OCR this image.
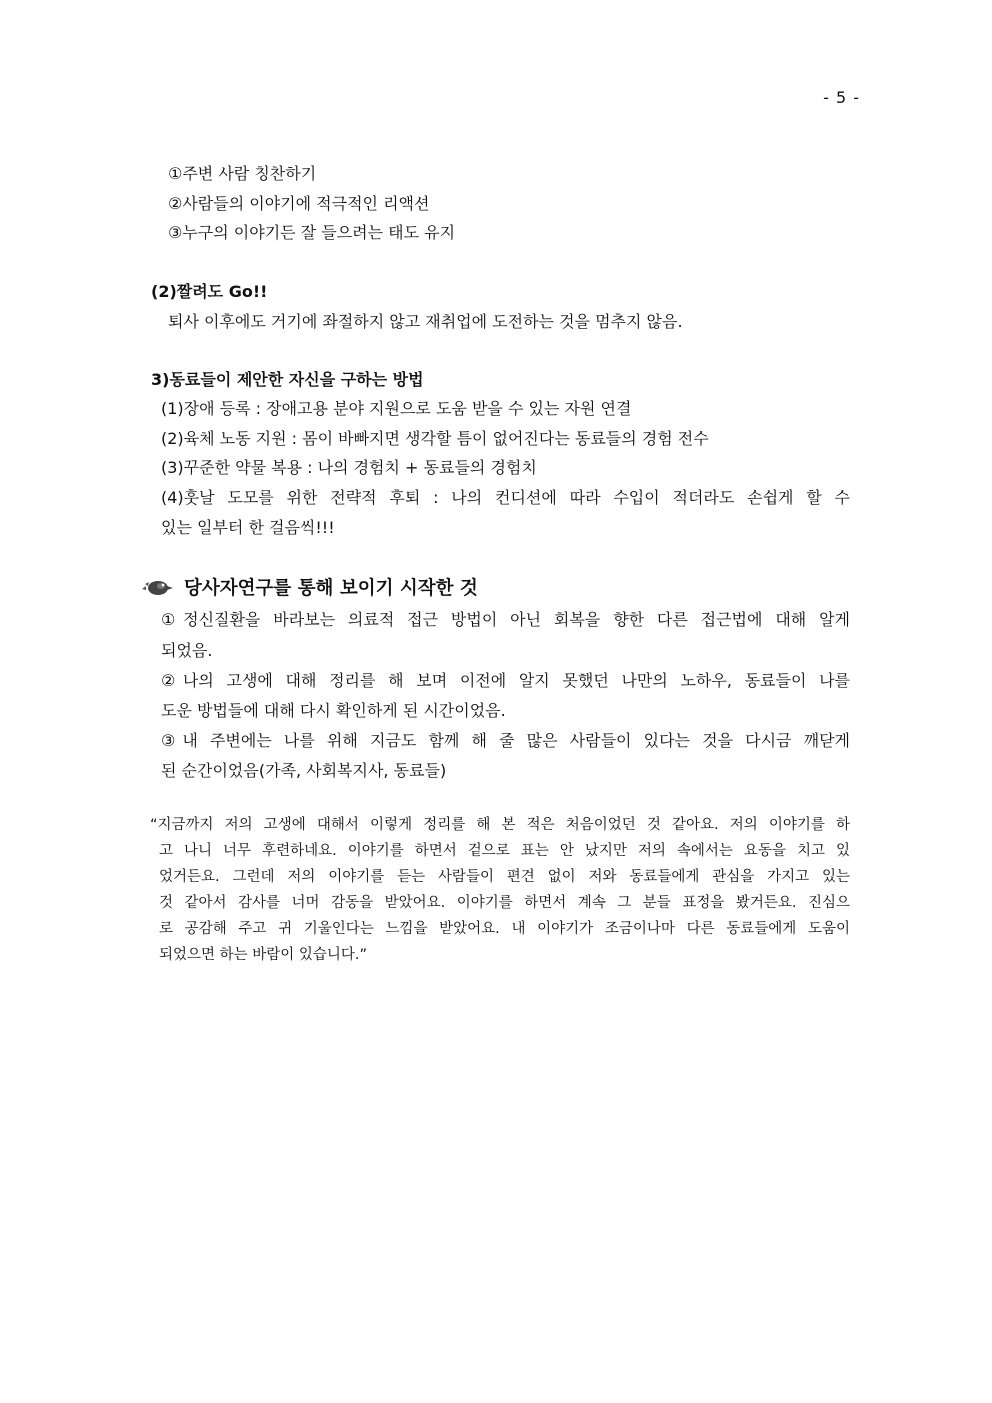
- 5 -
①주변 사람 칭찬하기
②사람들의 이야기에 적극적인 리액션
③누구의 이야기든 잘 들으려는 태도 유지
(2)짤려도 Go!!
퇴사 이후에도 거기에 좌절하지 않고 재취업에 도전하는 것을 멈추지 않음.
3)동료들이 제안한 자신을 구하는 방법
(1)장애 등록 : 장애고용 분야 지원으로 도움 받을 수 있는 자원 연결
(2)육체 노동 지원 : 몸이 바빠지면 생각할 틈이 없어진다는 동료들의 경험 전수
(3)꾸준한 약물 복용 : 나의 경험치 + 동료들의 경험치
(4)훗날 도모를 위한 전략적 후퇴 : 나의 컨디션에 따라 수입이 적더라도 손쉽게 할 수
있는 일부터 한 걸음씩!!!
당사자연구를 통해 보이기 시작한 것
①정신질환을 바라보는 의료적 접근 방법이 아닌 회복을 향한 다른 접근법에 대해 알게
되었음.
②나의 고생에 대해 정리를 해 보며 이전에 알지 못했던 나만의 노하우, 동료들이 나를
도운 방법들에 대해 다시 확인하게 된 시간이었음.
③내 주변에는 나를 위해 지금도 함께 해 줄 많은 사람들이 있다는 것을 다시금 깨닫게
된 순간이었음(가족, 사회복지사, 동료들)
“지금까지 저의 고생에 대해서 이렇게 정리를 해 본 적은 처음이었던 것 같아요. 저의 이야기를 하
고 나니 너무 후련하네요. 이야기를 하면서 겉으로 표는 안 났지만 저의 속에서는 요동을 치고 있
었거든요. 그런데 저의 이야기를 듣는 사람들이 편견 없이 저와 동료들에게 관심을 가지고 있는
것 같아서 감사를 너머 감동을 받았어요. 이야기를 하면서 계속 그 분들 표정을 봤거든요. 진심으
로 공감해 주고 귀 기울인다는 느낌을 받았어요. 내 이야기가 조금이나마 다른 동료들에게 도움이
되었으면 하는 바람이 있습니다.”
